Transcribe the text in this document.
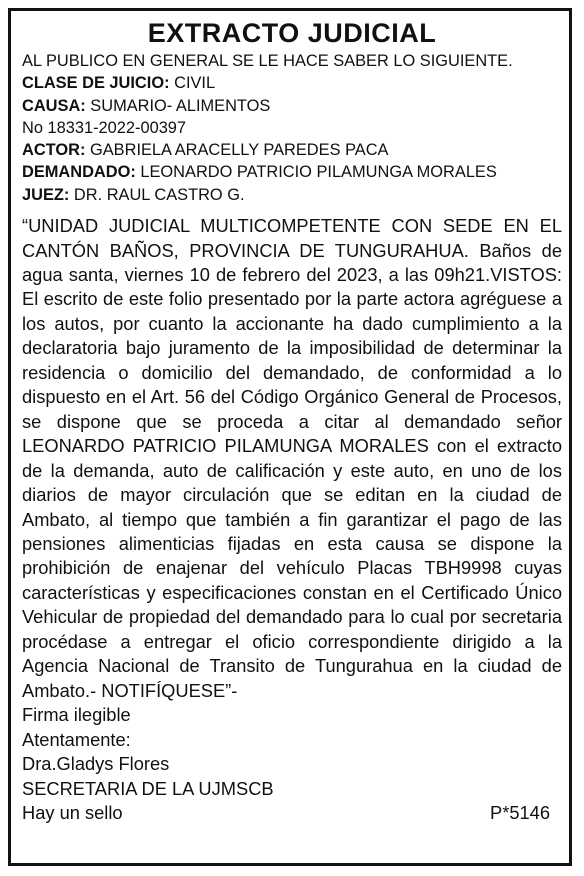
EXTRACTO JUDICIAL
AL PUBLICO EN GENERAL SE LE HACE SABER LO SIGUIENTE.
CLASE DE JUICIO: CIVIL
CAUSA: SUMARIO- ALIMENTOS
No 18331-2022-00397
ACTOR: GABRIELA ARACELLY PAREDES PACA
DEMANDADO: LEONARDO PATRICIO PILAMUNGA MORALES
JUEZ: DR. RAUL CASTRO G.
“UNIDAD JUDICIAL MULTICOMPETENTE CON SEDE EN EL CANTÓN BAÑOS, PROVINCIA DE TUNGURAHUA. Baños de agua santa, viernes 10 de febrero del 2023, a las 09h21.VISTOS: El escrito de este folio presentado por la parte actora agréguese a los autos, por cuanto la accionante ha dado cumplimiento a la declaratoria bajo juramento de la imposibilidad de determinar la residencia o domicilio del demandado, de conformidad a lo dispuesto en el Art. 56 del Código Orgánico General de Procesos, se dispone que se proceda a citar al demandado señor LEONARDO PATRICIO PILAMUNGA MORALES con el extracto de la demanda, auto de calificación y este auto, en uno de los diarios de mayor circulación que se editan en la ciudad de Ambato, al tiempo que también a fin garantizar el pago de las pensiones alimenticias fijadas en esta causa se dispone la prohibición de enajenar del vehículo Placas TBH9998 cuyas características y especificaciones constan en el Certificado Único Vehicular de propiedad del demandado para lo cual por secretaria procédase a entregar el oficio correspondiente dirigido a la Agencia Nacional de Transito de Tungurahua en la ciudad de Ambato.- NOTIFÍQUESE”-
Firma ilegible
Atentamente:
Dra.Gladys Flores
SECRETARIA DE LA UJMSCB
Hay un sello	P*5146
